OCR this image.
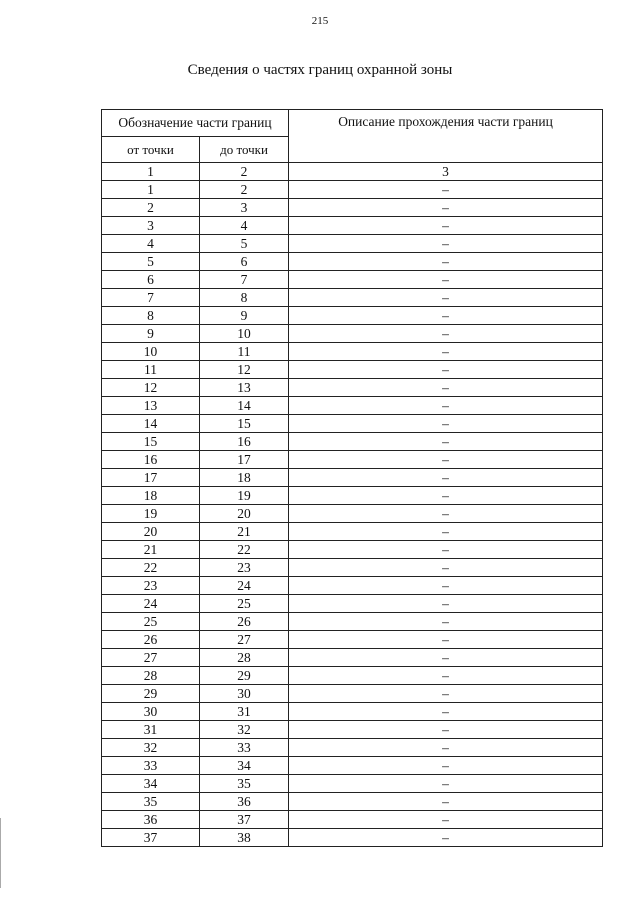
215
Сведения о частях границ охранной зоны
Обозначение части границ		Описание прохождения части границ
от точки	до точки	
1	2	3
1	2	–
2	3	–
3	4	–
4	5	–
5	6	–
6	7	–
7	8	–
8	9	–
9	10	–
10	11	–
11	12	–
12	13	–
13	14	–
14	15	–
15	16	–
16	17	–
17	18	–
18	19	–
19	20	–
20	21	–
21	22	–
22	23	–
23	24	–
24	25	–
25	26	–
26	27	–
27	28	–
28	29	–
29	30	–
30	31	–
31	32	–
32	33	–
33	34	–
34	35	–
35	36	–
36	37	–
37	38	–
